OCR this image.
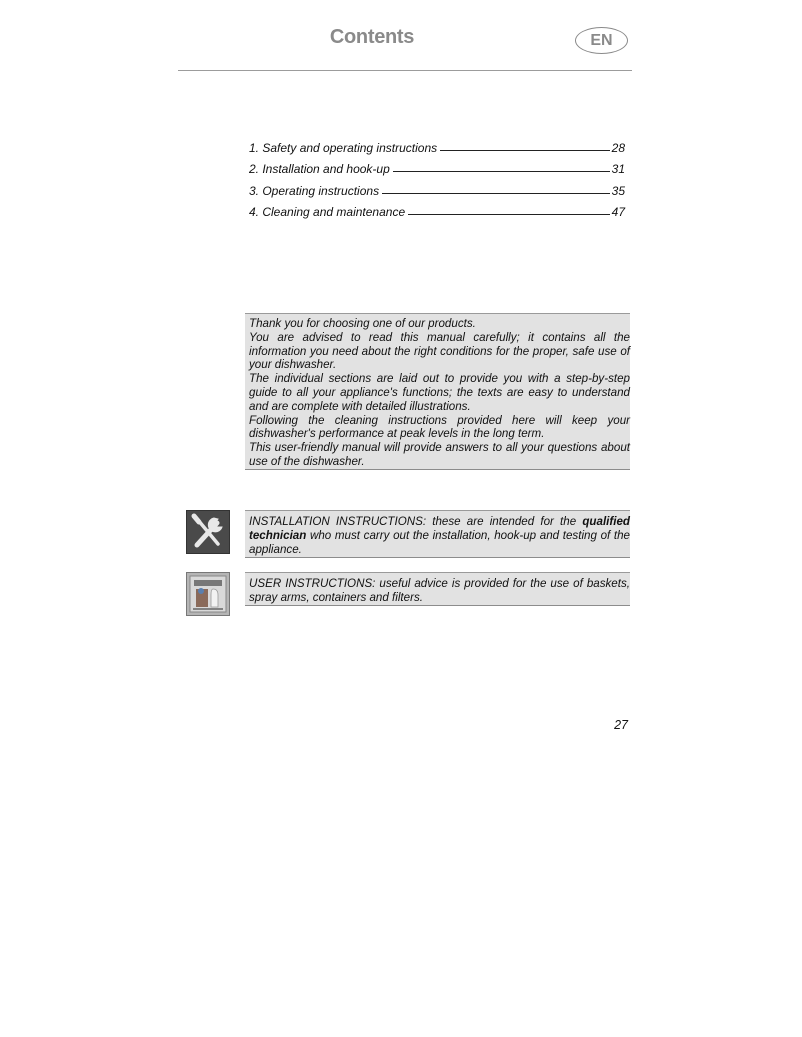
Contents	EN
1. Safety and operating instructions	28
2. Installation and hook-up	31
3. Operating instructions	35
4. Cleaning and maintenance	47

Thank you for choosing one of our products.

You are advised to read this manual carefully; it contains all the information you need about the right conditions for the proper, safe use of your dishwasher.

The individual sections are laid out to provide you with a step-by-step guide to all your appliance's functions; the texts are easy to understand and are complete with detailed illustrations.

Following the cleaning instructions provided here will keep your dishwasher's performance at peak levels in the long term.

This user-friendly manual will provide answers to all your questions about use of the dishwasher.

INSTALLATION INSTRUCTIONS: these are intended for the qualified technician who must carry out the installation, hook-up and testing of the appliance.
USER INSTRUCTIONS: useful advice is provided for the use of baskets, spray arms, containers and filters.
27
